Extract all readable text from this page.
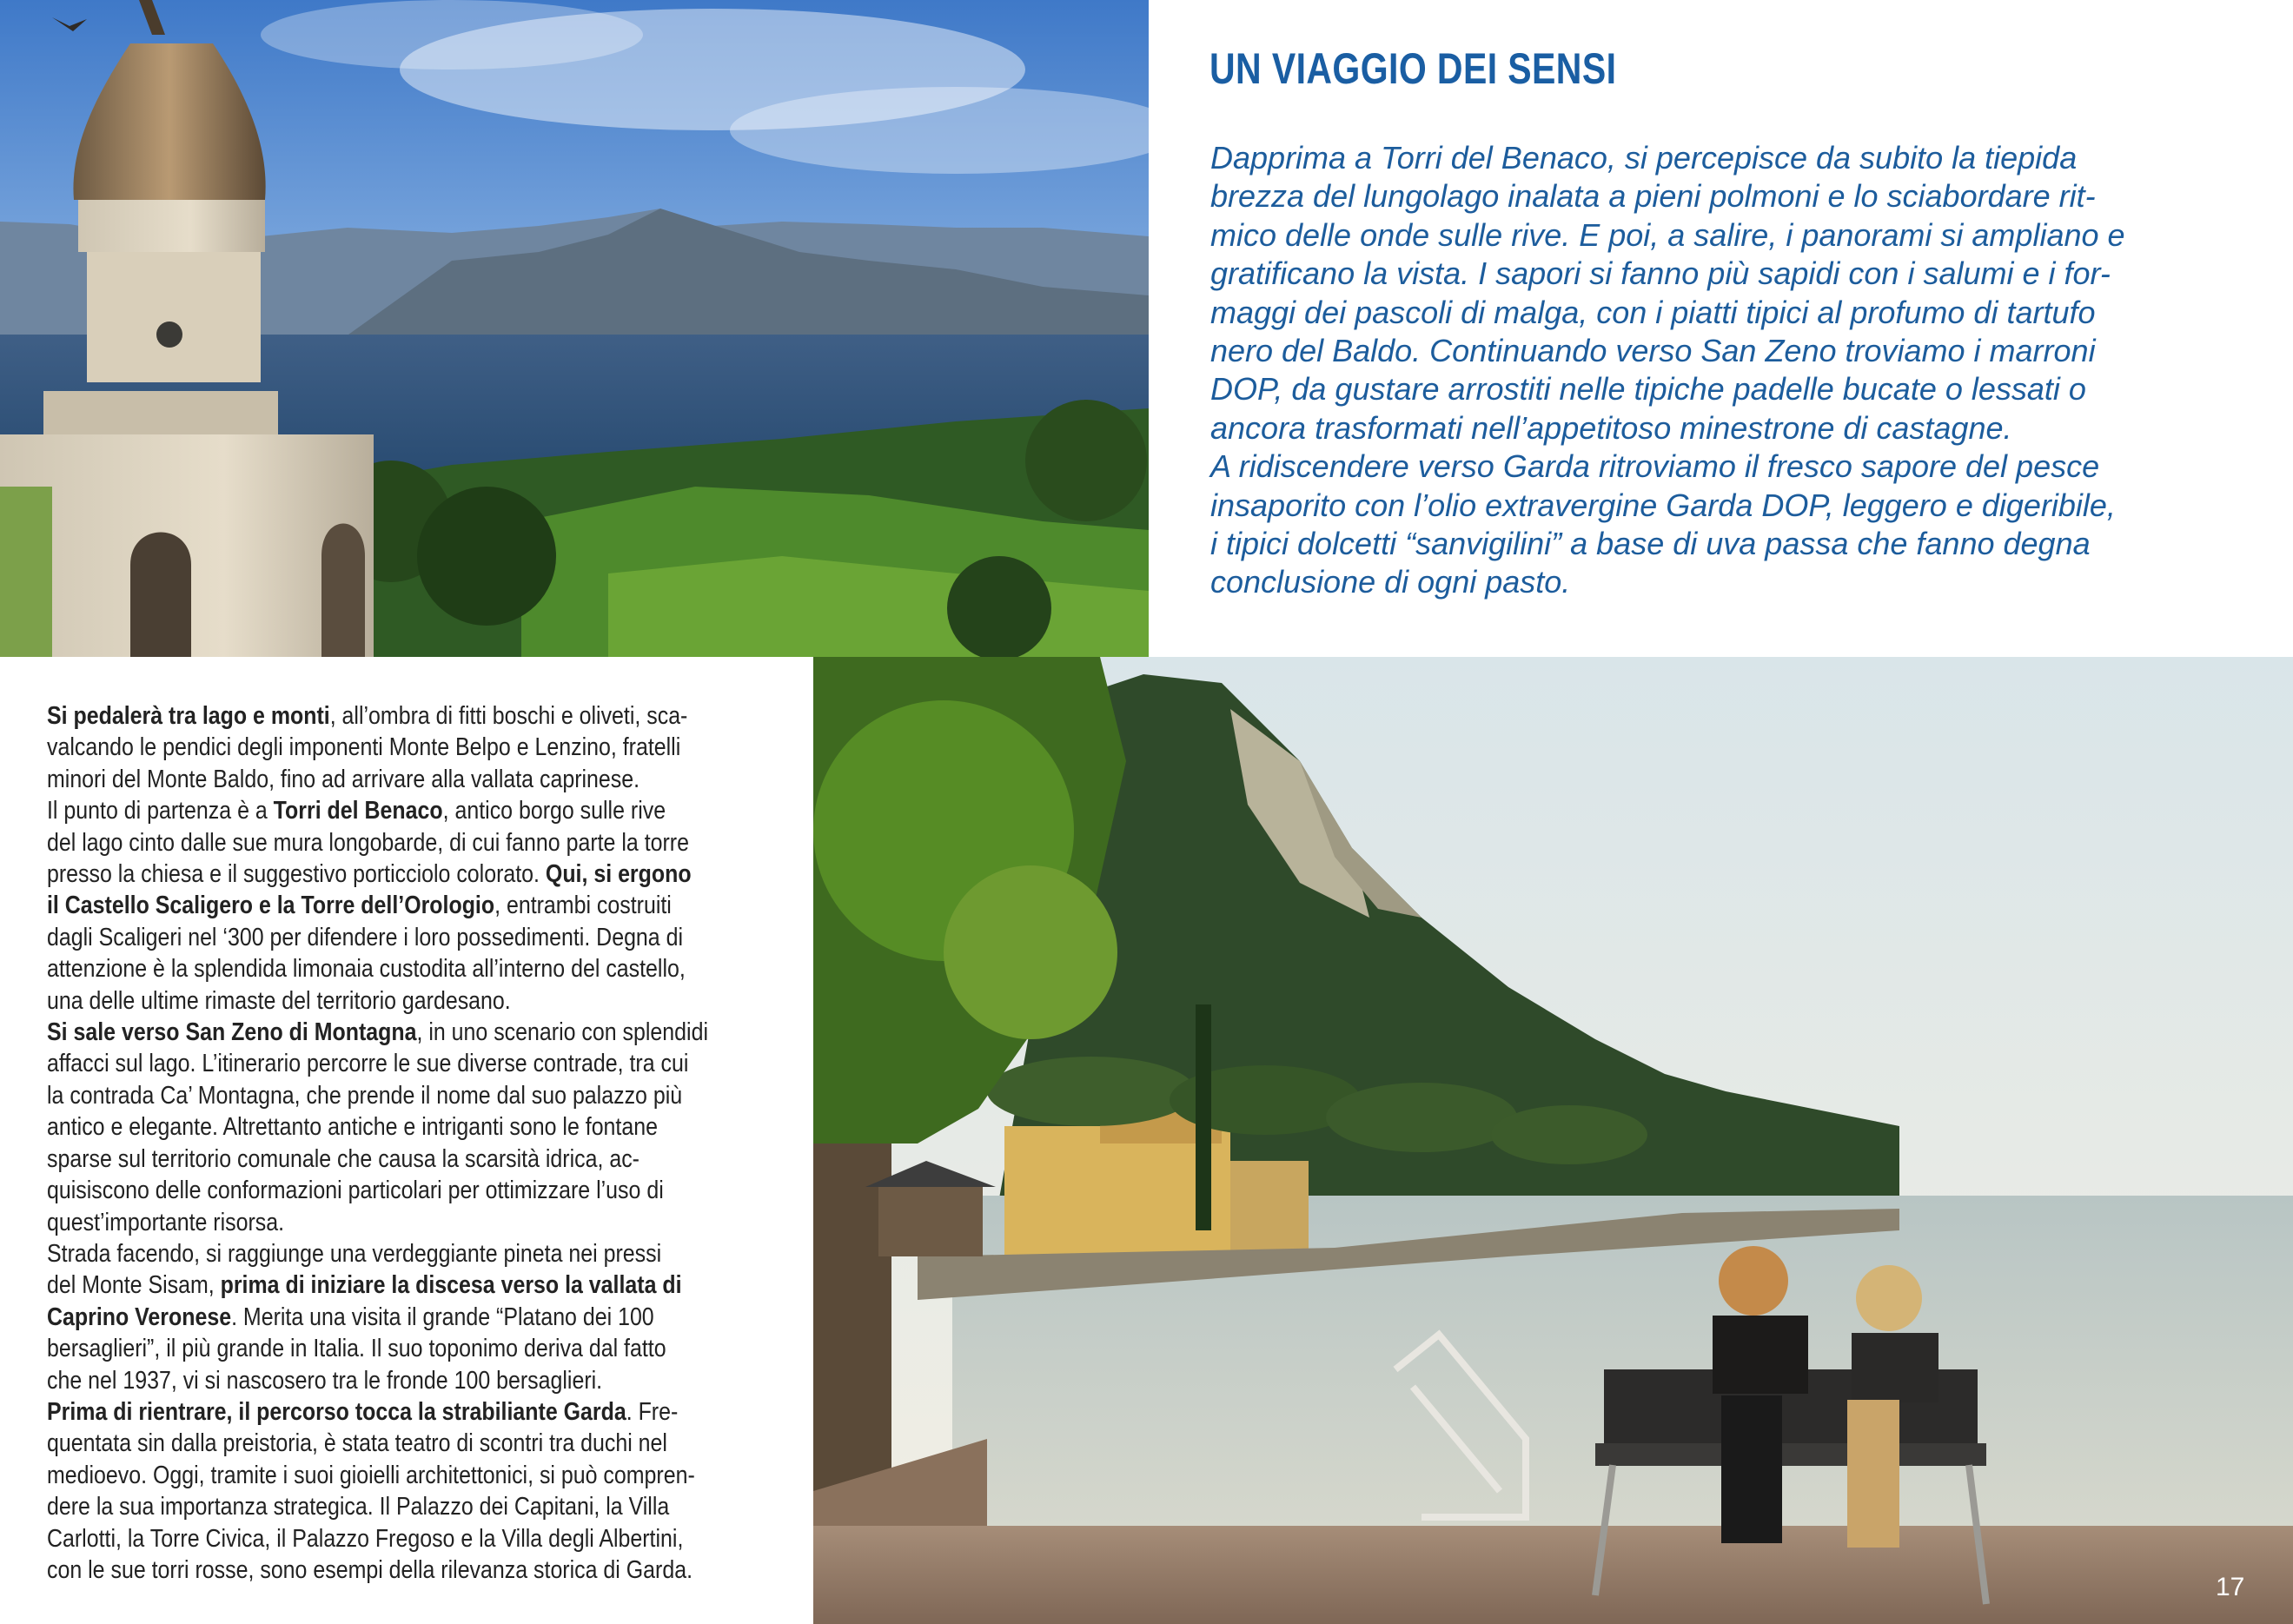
UN VIAGGIO DEI SENSI
Dapprima a Torri del Benaco, si percepisce da subito la tiepida
brezza del lungolago inalata a pieni polmoni e lo sciabordare rit-
mico delle onde sulle rive. E poi, a salire, i panorami si ampliano e
gratificano la vista. I sapori si fanno più sapidi con i salumi e i for-
maggi dei pascoli di malga, con i piatti tipici al profumo di tartufo
nero del Baldo. Continuando verso San Zeno troviamo i marroni
DOP, da gustare arrostiti nelle tipiche padelle bucate o lessati o
ancora trasformati nell’appetitoso minestrone di castagne.
A ridiscendere verso Garda ritroviamo il fresco sapore del pesce
insaporito con l’olio extravergine Garda DOP, leggero e digeribile,
i tipici dolcetti “sanvigilini” a base di uva passa che fanno degna
conclusione di ogni pasto.
Si pedalerà tra lago e monti, all’ombra di fitti boschi e oliveti, sca-
valcando le pendici degli imponenti Monte Belpo e Lenzino, fratelli
minori del Monte Baldo, fino ad arrivare alla vallata caprinese.
Il punto di partenza è a Torri del Benaco, antico borgo sulle rive
del lago cinto dalle sue mura longobarde, di cui fanno parte la torre
presso la chiesa e il suggestivo porticciolo colorato. Qui, si ergono
il Castello Scaligero e la Torre dell’Orologio, entrambi costruiti
dagli Scaligeri nel ‘300 per difendere i loro possedimenti. Degna di
attenzione è la splendida limonaia custodita all’interno del castello,
una delle ultime rimaste del territorio gardesano.
Si sale verso San Zeno di Montagna, in uno scenario con splendidi
affacci sul lago. L’itinerario percorre le sue diverse contrade, tra cui
la contrada Ca’ Montagna, che prende il nome dal suo palazzo più
antico e elegante. Altrettanto antiche e intriganti sono le fontane
sparse sul territorio comunale che causa la scarsità idrica, ac-
quisiscono delle conformazioni particolari per ottimizzare l’uso di
quest’importante risorsa.
Strada facendo, si raggiunge una verdeggiante pineta nei pressi
del Monte Sisam, prima di iniziare la discesa verso la vallata di
Caprino Veronese. Merita una visita il grande “Platano dei 100
bersaglieri”, il più grande in Italia. Il suo toponimo deriva dal fatto
che nel 1937, vi si nascosero tra le fronde 100 bersaglieri.
Prima di rientrare, il percorso tocca la strabiliante Garda. Fre-
quentata sin dalla preistoria, è stata teatro di scontri tra duchi nel
medioevo. Oggi, tramite i suoi gioielli architettonici, si può compren-
dere la sua importanza strategica. Il Palazzo dei Capitani, la Villa
Carlotti, la Torre Civica, il Palazzo Fregoso e la Villa degli Albertini,
con le sue torri rosse, sono esempi della rilevanza storica di Garda.
17
